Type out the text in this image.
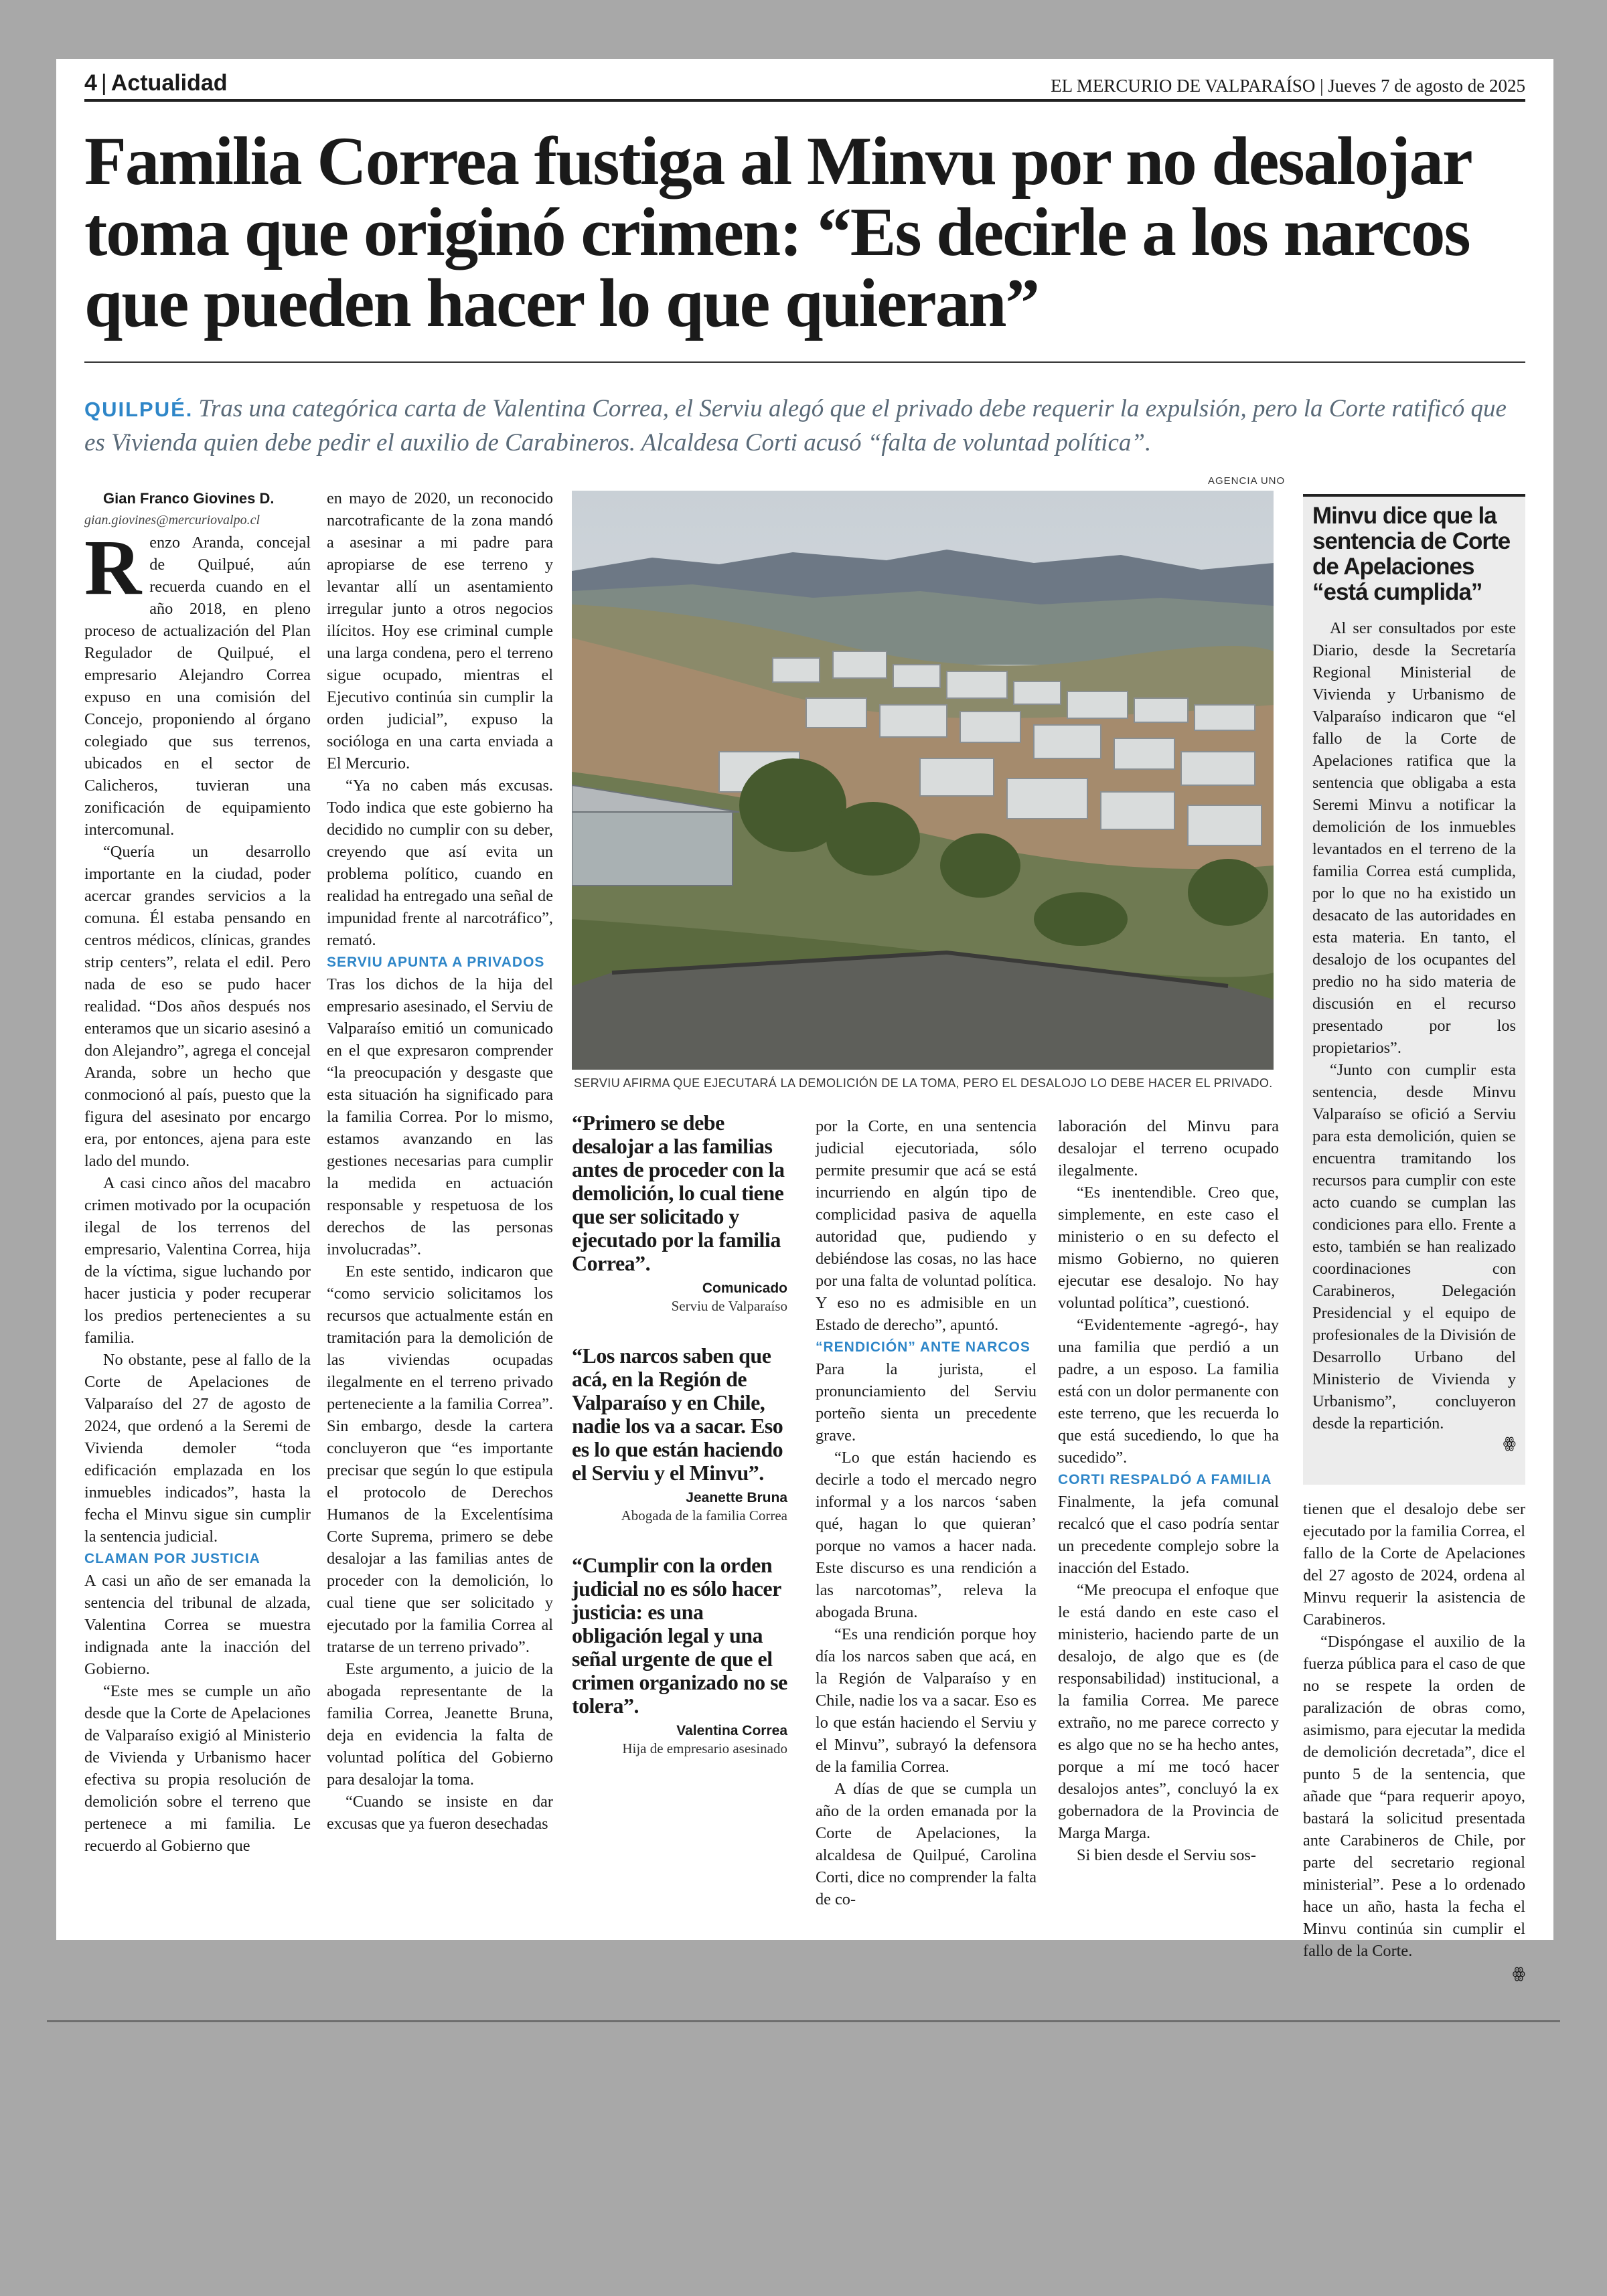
4 | Actualidad	EL MERCURIO DE VALPARAÍSO | Jueves 7 de agosto de 2025
Familia Correa fustiga al Minvu por no desalojar toma que originó crimen: “Es decirle a los narcos que pueden hacer lo que quieran”

QUILPUÉ. Tras una categórica carta de Valentina Correa, el Serviu alegó que el privado debe requerir la expulsión, pero la Corte ratificó que es Vivienda quien debe pedir el auxilio de Carabineros. Alcaldesa Corti acusó “falta de voluntad política”.

Gian Franco Giovines D.

gian.giovines@mercuriovalpo.cl

Renzo Aranda, concejal de Quilpué, aún recuerda cuando en el año 2018, en pleno proceso de actualización del Plan Regulador de Quilpué, el empresario Alejandro Correa expuso en una comisión del Concejo, proponiendo al órgano colegiado que sus terrenos, ubicados en el sector de Calicheros, tuvieran una zonificación de equipamiento intercomunal.

“Quería un desarrollo importante en la ciudad, poder acercar grandes servicios a la comuna. Él estaba pensando en centros médicos, clínicas, grandes strip centers”, relata el edil. Pero nada de eso se pudo hacer realidad. “Dos años después nos enteramos que un sicario asesinó a don Alejandro”, agrega el concejal Aranda, sobre un hecho que conmocionó al país, puesto que la figura del asesinato por encargo era, por entonces, ajena para este lado del mundo.

A casi cinco años del macabro crimen motivado por la ocupación ilegal de los terrenos del empresario, Valentina Correa, hija de la víctima, sigue luchando por hacer justicia y poder recuperar los predios pertenecientes a su familia.

No obstante, pese al fallo de la Corte de Apelaciones de Valparaíso del 27 de agosto de 2024, que ordenó a la Seremi de Vivienda demoler “toda edificación emplazada en los inmuebles indicados”, hasta la fecha el Minvu sigue sin cumplir la sentencia judicial.

CLAMAN POR JUSTICIA

A casi un año de ser emanada la sentencia del tribunal de alzada, Valentina Correa se muestra indignada ante la inacción del Gobierno.

“Este mes se cumple un año desde que la Corte de Apelaciones de Valparaíso exigió al Ministerio de Vivienda y Urbanismo hacer efectiva su propia resolución de demolición sobre el terreno que pertenece a mi familia. Le recuerdo al Gobierno que

en mayo de 2020, un reconocido narcotraficante de la zona mandó a asesinar a mi padre para apropiarse de ese terreno y levantar allí un asentamiento irregular junto a otros negocios ilícitos. Hoy ese criminal cumple una larga condena, pero el terreno sigue ocupado, mientras el Ejecutivo continúa sin cumplir la orden judicial”, expuso la socióloga en una carta enviada a El Mercurio.

“Ya no caben más excusas. Todo indica que este gobierno ha decidido no cumplir con su deber, creyendo que así evita un problema político, cuando en realidad ha entregado una señal de impunidad frente al narcotráfico”, remató.

SERVIU APUNTA A PRIVADOS

Tras los dichos de la hija del empresario asesinado, el Serviu de Valparaíso emitió un comunicado en el que expresaron comprender “la preocupación y desgaste que esta situación ha significado para la familia Correa. Por lo mismo, estamos avanzando en las gestiones necesarias para cumplir la medida en actuación responsable y respetuosa de los derechos de las personas involucradas”.

En este sentido, indicaron que “como servicio solicitamos los recursos que actualmente están en tramitación para la demolición de las viviendas ocupadas ilegalmente en el terreno privado perteneciente a la familia Correa”. Sin embargo, desde la cartera concluyeron que “es importante precisar que según lo que estipula el protocolo de Derechos Humanos de la Excelentísima Corte Suprema, primero se debe desalojar a las familias antes de proceder con la demolición, lo cual tiene que ser solicitado y ejecutado por la familia Correa al tratarse de un terreno privado”.

Este argumento, a juicio de la abogada representante de la familia Correa, Jeanette Bruna, deja en evidencia la falta de voluntad política del Gobierno para desalojar la toma.

“Cuando se insiste en dar excusas que ya fueron desechadas

AGENCIA UNO
SERVIU AFIRMA QUE EJECUTARÁ LA DEMOLICIÓN DE LA TOMA, PERO EL DESALOJO LO DEBE HACER EL PRIVADO.

“Primero se debe desalojar a las familias antes de proceder con la demolición, lo cual tiene que ser solicitado y ejecutado por la familia Correa”.

Comunicado

Serviu de Valparaíso

“Los narcos saben que acá, en la Región de Valparaíso y en Chile, nadie los va a sacar. Eso es lo que están haciendo el Serviu y el Minvu”.

Jeanette Bruna

Abogada de la familia Correa

“Cumplir con la orden judicial no es sólo hacer justicia: es una obligación legal y una señal urgente de que el crimen organizado no se tolera”.

Valentina Correa

Hija de empresario asesinado

por la Corte, en una sentencia judicial ejecutoriada, sólo permite presumir que acá se está incurriendo en algún tipo de complicidad pasiva de aquella autoridad que, pudiendo y debiéndose las cosas, no las hace por una falta de voluntad política. Y eso no es admisible en un Estado de derecho”, apuntó.

“RENDICIÓN” ANTE NARCOS

Para la jurista, el pronunciamiento del Serviu porteño sienta un precedente grave.

“Lo que están haciendo es decirle a todo el mercado negro informal y a los narcos ‘saben qué, hagan lo que quieran’ porque no vamos a hacer nada. Este discurso es una rendición a las narcotomas”, releva la abogada Bruna.

“Es una rendición porque hoy día los narcos saben que acá, en la Región de Valparaíso y en Chile, nadie los va a sacar. Eso es lo que están haciendo el Serviu y el Minvu”, subrayó la defensora de la familia Correa.

A días de que se cumpla un año de la orden emanada por la Corte de Apelaciones, la alcaldesa de Quilpué, Carolina Corti, dice no comprender la falta de co-

laboración del Minvu para desalojar el terreno ocupado ilegalmente.

“Es inentendible. Creo que, simplemente, en este caso el ministerio o en su defecto el mismo Gobierno, no quieren ejecutar ese desalojo. No hay voluntad política”, cuestionó.

“Evidentemente -agregó-, hay una familia que perdió a un padre, a un esposo. La familia está con un dolor permanente con este terreno, que les recuerda lo que está sucediendo, lo que ha sucedido”.

CORTI RESPALDÓ A FAMILIA

Finalmente, la jefa comunal recalcó que el caso podría sentar un precedente complejo sobre la inacción del Estado.

“Me preocupa el enfoque que le está dando en este caso el ministerio, haciendo parte de un desalojo, de algo que es (de responsabilidad) institucional, a la familia Correa. Me parece extraño, no me parece correcto y es algo que no se ha hecho antes, porque a mí me tocó hacer desalojos antes”, concluyó la ex gobernadora de la Provincia de Marga Marga.

Si bien desde el Serviu sos-

Minvu dice que la sentencia de Corte de Apelaciones “está cumplida”

Al ser consultados por este Diario, desde la Secretaría Regional Ministerial de Vivienda y Urbanismo de Valparaíso indicaron que “el fallo de la Corte de Apelaciones ratifica que la sentencia que obligaba a esta Seremi Minvu a notificar la demolición de los inmuebles levantados en el terreno de la familia Correa está cumplida, por lo que no ha existido un desacato de las autoridades en esta materia. En tanto, el desalojo de los ocupantes del predio no ha sido materia de discusión en el recurso presentado por los propietarios”.

“Junto con cumplir esta sentencia, desde Minvu Valparaíso se ofició a Serviu para esta demolición, quien se encuentra tramitando los recursos para cumplir con este acto cuando se cumplan las condiciones para ello. Frente a esto, también se han realizado coordinaciones con Carabineros, Delegación Presidencial y el equipo de profesionales de la División de Desarrollo Urbano del Ministerio de Vivienda y Urbanismo”, concluyeron desde la repartición.

ꙮ

tienen que el desalojo debe ser ejecutado por la familia Correa, el fallo de la Corte de Apelaciones del 27 agosto de 2024, ordena al Minvu requerir la asistencia de Carabineros.

“Dispóngase el auxilio de la fuerza pública para el caso de que no se respete la orden de paralización de obras como, asimismo, para ejecutar la medida de demolición decretada”, dice el punto 5 de la sentencia, que añade que “para requerir apoyo, bastará la solicitud presentada ante Carabineros de Chile, por parte del secretario regional ministerial”. Pese a lo ordenado hace un año, hasta la fecha el Minvu continúa sin cumplir el fallo de la Corte.

ꙮ
